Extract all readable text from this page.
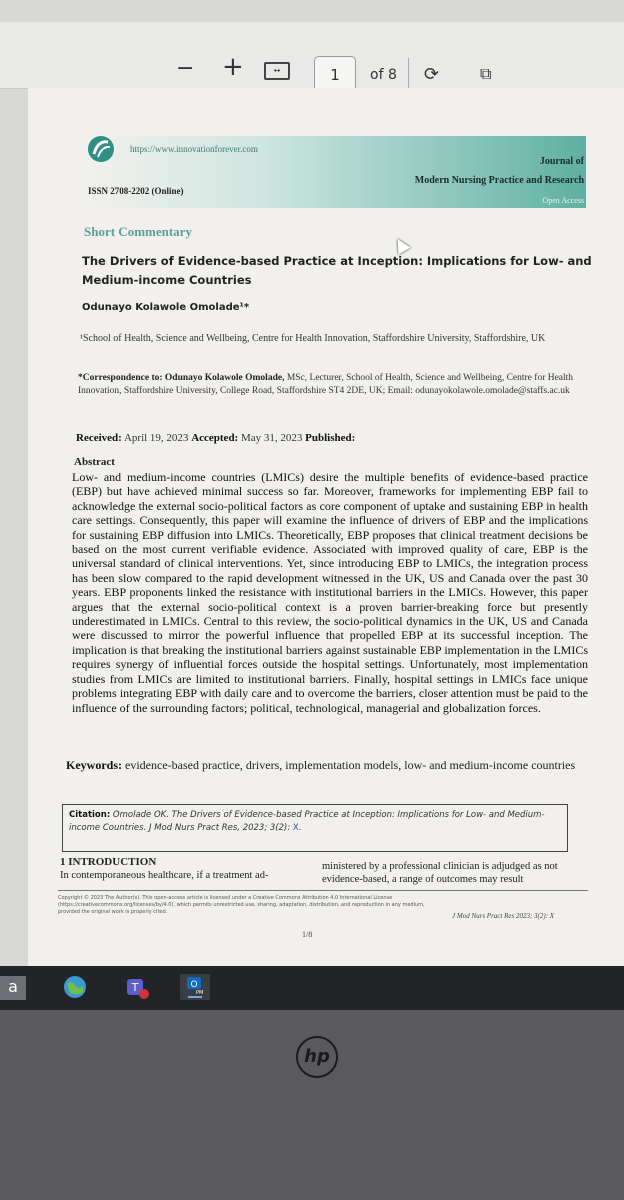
− +	↔	1	of 8 ⟳	⧉
https://www.innovationforever.com
Journal of
Modern Nursing Practice and Research
Open Access
ISSN 2708-2202 (Online)
Short Commentary
The Drivers of Evidence-based Practice at Inception: Implications for Low- and Medium-income Countries
Odunayo Kolawole Omolade¹*
¹School of Health, Science and Wellbeing, Centre for Health Innovation, Staffordshire University, Staffordshire, UK
*Correspondence to: Odunayo Kolawole Omolade, MSc, Lecturer, School of Health, Science and Wellbeing, Centre for Health Innovation, Staffordshire University, College Road, Staffordshire ST4 2DE, UK; Email: odunayokolawole.omolade@staffs.ac.uk
Received: April 19, 2023 Accepted: May 31, 2023 Published:
Abstract
Low- and medium-income countries (LMICs) desire the multiple benefits of evidence-based practice (EBP) but have achieved minimal success so far. Moreover, frameworks for implementing EBP fail to acknowledge the external socio-political factors as core component of uptake and sustaining EBP in health care settings. Consequently, this paper will examine the influence of drivers of EBP and the implications for sustaining EBP diffusion into LMICs. Theoretically, EBP proposes that clinical treatment decisions be based on the most current verifiable evidence. Associated with improved quality of care, EBP is the universal standard of clinical interventions. Yet, since introducing EBP to LMICs, the integration process has been slow compared to the rapid development witnessed in the UK, US and Canada over the past 30 years. EBP proponents linked the resistance with institutional barriers in the LMICs. However, this paper argues that the external socio-political context is a proven barrier-breaking force but presently underestimated in LMICs. Central to this review, the socio-political dynamics in the UK, US and Canada were discussed to mirror the powerful influence that propelled EBP at its successful inception. The implication is that breaking the institutional barriers against sustainable EBP implementation in the LMICs requires synergy of influential forces outside the hospital settings. Unfortunately, most implementation studies from LMICs are limited to institutional barriers. Finally, hospital settings in LMICs face unique problems integrating EBP with daily care and to overcome the barriers, closer attention must be paid to the influence of the surrounding factors; political, technological, managerial and globalization forces.
Keywords: evidence-based practice, drivers, implementation models, low- and medium-income countries
Citation: Omolade OK. The Drivers of Evidence-based Practice at Inception: Implications for Low- and Medium-income Countries. J Mod Nurs Pract Res, 2023; 3(2): X.
1 INTRODUCTION
In contemporaneous healthcare, if a treatment ad-
ministered by a professional clinician is adjudged as not evidence-based, a range of outcomes may result
Copyright © 2023 The Author(s). This open-access article is licensed under a Creative Commons Attribution 4.0 International License (https://creativecommons.org/licenses/by/4.0), which permits unrestricted use, sharing, adaptation, distribution, and reproduction in any medium, provided the original work is properly cited.	J Mod Nurs Pract Res 2023; 3(2): X
1/8
a	T	O
PM
hp
